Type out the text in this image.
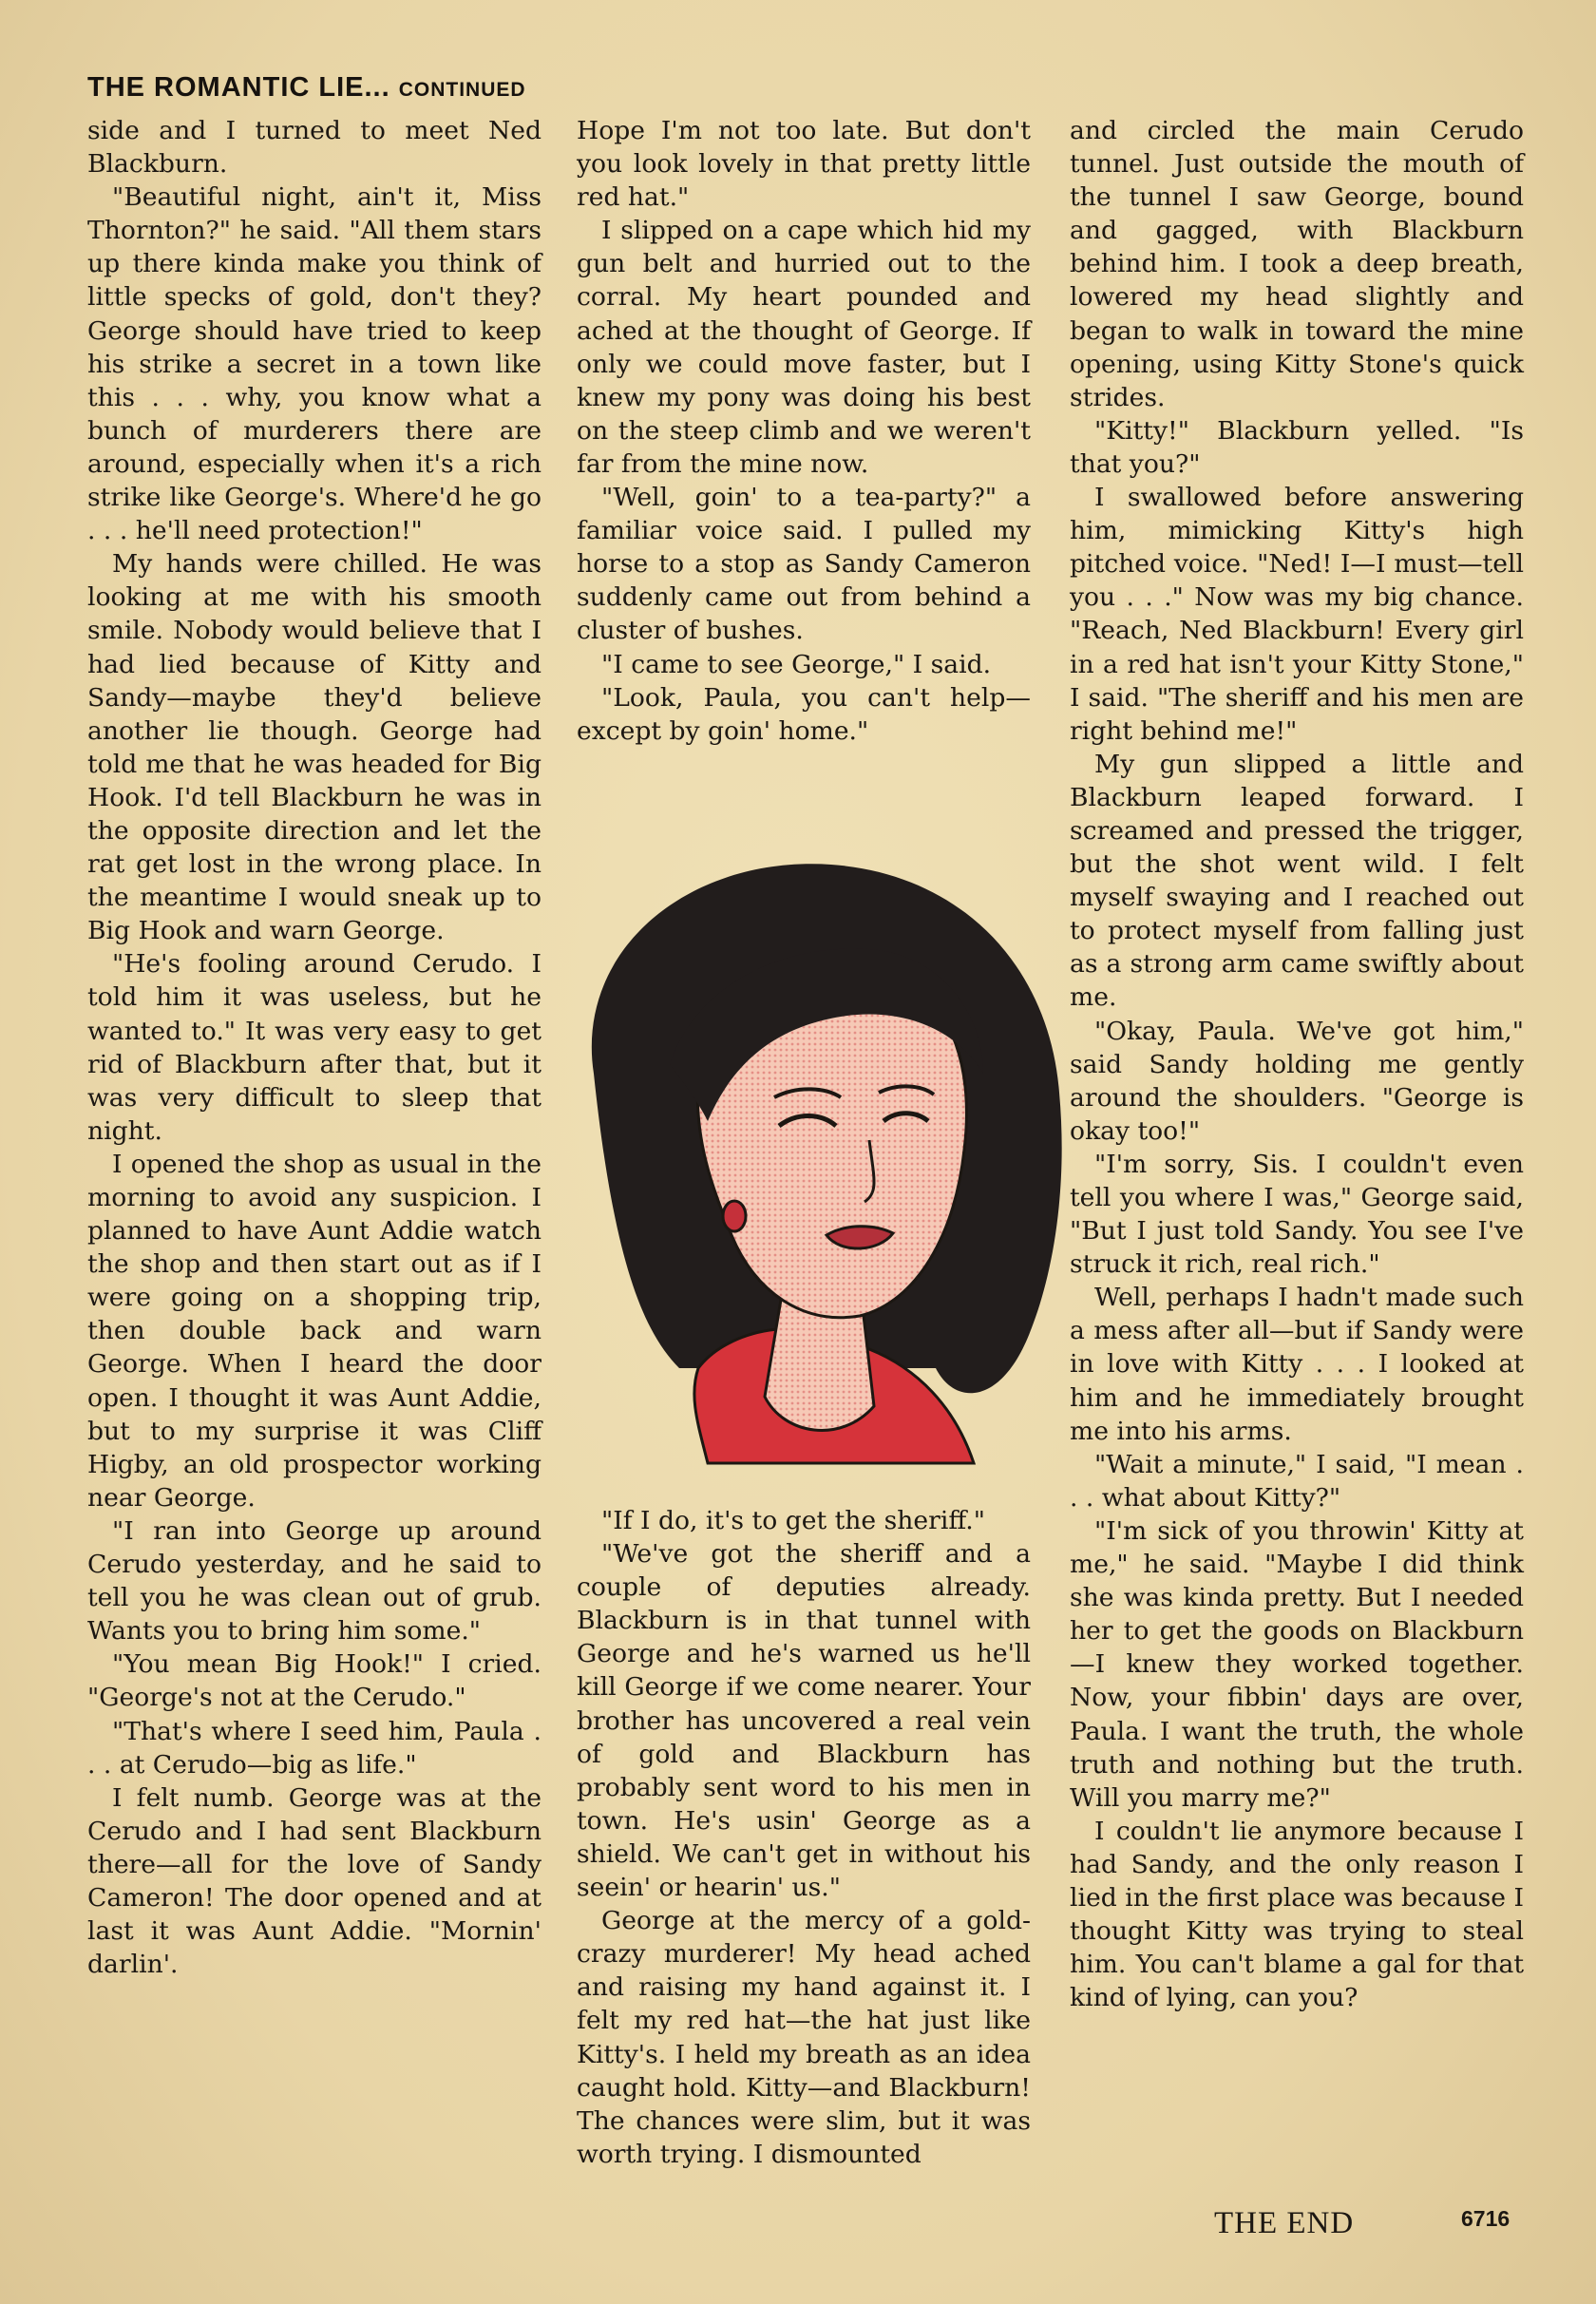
THE ROMANTIC LIE... CONTINUED

side and I turned to meet Ned Blackburn.

"Beautiful night, ain't it, Miss Thornton?" he said. "All them stars up there kinda make you think of little specks of gold, don't they? George should have tried to keep his strike a secret in a town like this . . . why, you know what a bunch of murderers there are around, especially when it's a rich strike like George's. Where'd he go . . . he'll need protection!"

My hands were chilled. He was looking at me with his smooth smile. Nobody would believe that I had lied because of Kitty and Sandy—maybe they'd believe another lie though. George had told me that he was headed for Big Hook. I'd tell Blackburn he was in the opposite direction and let the rat get lost in the wrong place. In the meantime I would sneak up to Big Hook and warn George.

"He's fooling around Cerudo. I told him it was useless, but he wanted to." It was very easy to get rid of Blackburn after that, but it was very difficult to sleep that night.

I opened the shop as usual in the morning to avoid any suspicion. I planned to have Aunt Addie watch the shop and then start out as if I were going on a shopping trip, then double back and warn George. When I heard the door open. I thought it was Aunt Addie, but to my surprise it was Cliff Higby, an old prospector working near George.

"I ran into George up around Cerudo yesterday, and he said to tell you he was clean out of grub. Wants you to bring him some."

"You mean Big Hook!" I cried. "George's not at the Cerudo."

"That's where I seed him, Paula . . . at Cerudo—big as life."

I felt numb. George was at the Cerudo and I had sent Blackburn there—all for the love of Sandy Cameron! The door opened and at last it was Aunt Addie. "Mornin' darlin'.

Hope I'm not too late. But don't you look lovely in that pretty little red hat."

I slipped on a cape which hid my gun belt and hurried out to the corral. My heart pounded and ached at the thought of George. If only we could move faster, but I knew my pony was doing his best on the steep climb and we weren't far from the mine now.

"Well, goin' to a tea-party?" a familiar voice said. I pulled my horse to a stop as Sandy Cameron suddenly came out from behind a cluster of bushes.

"I came to see George," I said.

"Look, Paula, you can't help—except by goin' home."

"If I do, it's to get the sheriff."

"We've got the sheriff and a couple of deputies already. Blackburn is in that tunnel with George and he's warned us he'll kill George if we come nearer. Your brother has uncovered a real vein of gold and Blackburn has probably sent word to his men in town. He's usin' George as a shield. We can't get in without his seein' or hearin' us."

George at the mercy of a gold-crazy murderer! My head ached and raising my hand against it. I felt my red hat—the hat just like Kitty's. I held my breath as an idea caught hold. Kitty—and Blackburn! The chances were slim, but it was worth trying. I dismounted

and circled the main Cerudo tunnel. Just outside the mouth of the tunnel I saw George, bound and gagged, with Blackburn behind him. I took a deep breath, lowered my head slightly and began to walk in toward the mine opening, using Kitty Stone's quick strides.

"Kitty!" Blackburn yelled. "Is that you?"

I swallowed before answering him, mimicking Kitty's high pitched voice. "Ned! I—I must—tell you . . ." Now was my big chance. "Reach, Ned Blackburn! Every girl in a red hat isn't your Kitty Stone," I said. "The sheriff and his men are right behind me!"

My gun slipped a little and Blackburn leaped forward. I screamed and pressed the trigger, but the shot went wild. I felt myself swaying and I reached out to protect myself from falling just as a strong arm came swiftly about me.

"Okay, Paula. We've got him," said Sandy holding me gently around the shoulders. "George is okay too!"

"I'm sorry, Sis. I couldn't even tell you where I was," George said, "But I just told Sandy. You see I've struck it rich, real rich."

Well, perhaps I hadn't made such a mess after all—but if Sandy were in love with Kitty . . . I looked at him and he immediately brought me into his arms.

"Wait a minute," I said, "I mean . . . what about Kitty?"

"I'm sick of you throwin' Kitty at me," he said. "Maybe I did think she was kinda pretty. But I needed her to get the goods on Blackburn—I knew they worked together. Now, your fibbin' days are over, Paula. I want the truth, the whole truth and nothing but the truth. Will you marry me?"

I couldn't lie anymore because I had Sandy, and the only reason I lied in the first place was because I thought Kitty was trying to steal him. You can't blame a gal for that kind of lying, can you?

THE END	6716
